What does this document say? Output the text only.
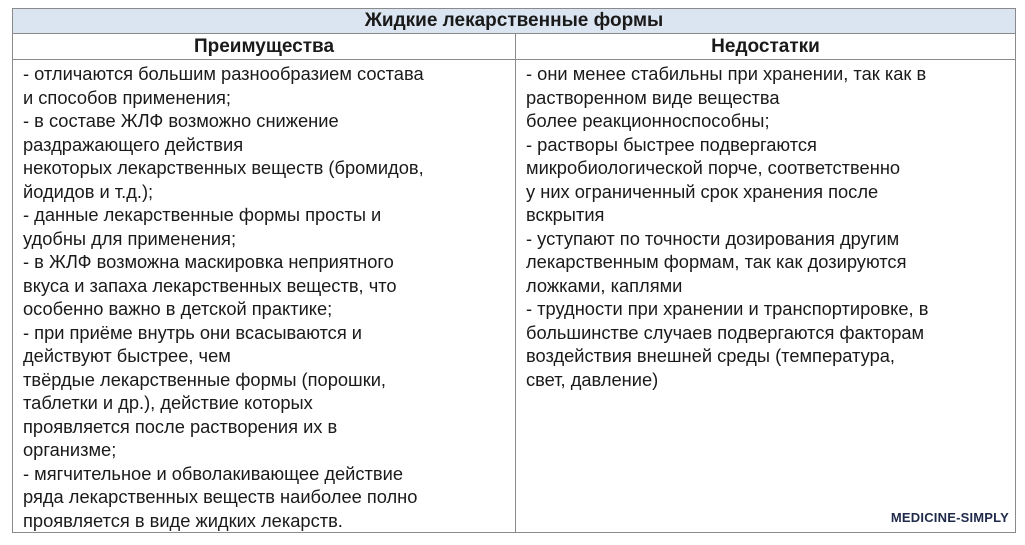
Жидкие лекарственные формы
Преимущества	Недостатки
- отличаются большим разнообразием состава
и способов применения;
- в составе ЖЛФ возможно снижение
раздражающего действия
некоторых лекарственных веществ (бромидов,
йодидов и т.д.);
- данные лекарственные формы просты и
удобны для применения;
- в ЖЛФ возможна маскировка неприятного
вкуса и запаха лекарственных веществ, что
особенно важно в детской практике;
- при приёме внутрь они всасываются и
действуют быстрее, чем
твёрдые лекарственные формы (порошки,
таблетки и др.), действие которых
проявляется после растворения их в
организме;
- мягчительное и обволакивающее действие
ряда лекарственных веществ наиболее полно
проявляется в виде жидких лекарств.
- они менее стабильны при хранении, так как в
растворенном виде вещества
более реакционноспособны;
- растворы быстрее подвергаются
микробиологической порче, соответственно
у них ограниченный срок хранения после
вскрытия
- уступают по точности дозирования другим
лекарственным формам, так как дозируются
ложками, каплями
- трудности при хранении и транспортировке, в
большинстве случаев подвергаются факторам
воздействия внешней среды (температура,
свет, давление)
MEDICINE-SIMPLY
